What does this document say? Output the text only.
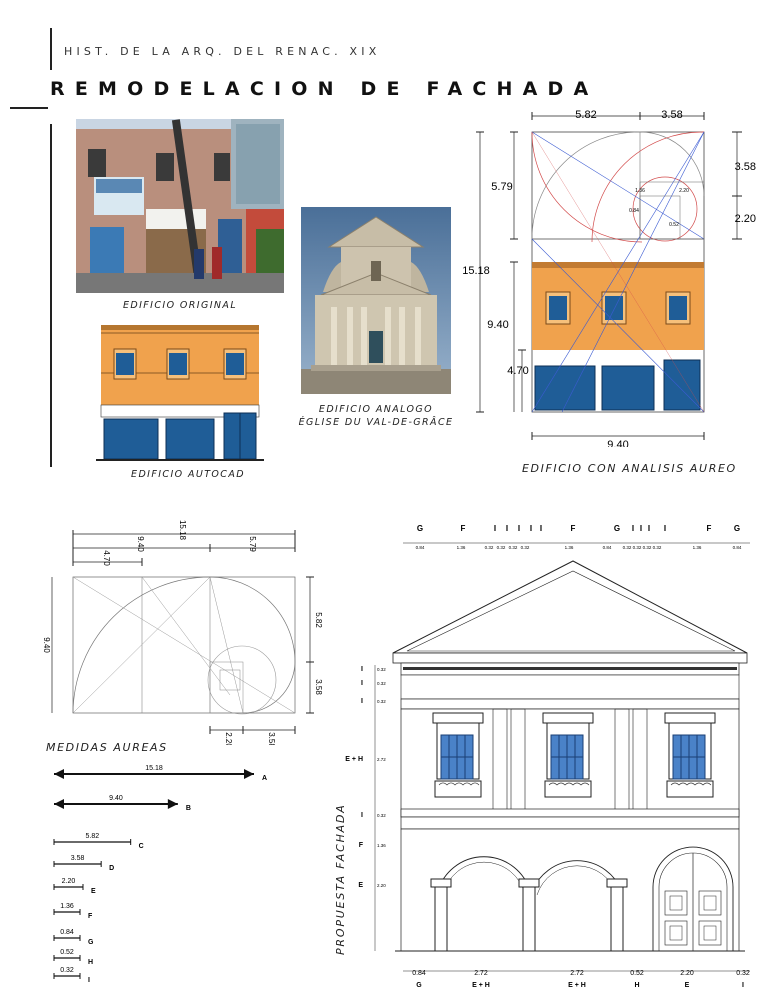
HIST. DE LA ARQ. DEL RENAC. XIX
REMODELACION DE FACHADA
EDIFICIO ORIGINAL
EDIFICIO AUTOCAD
EDIFICIO ANALOGO
ÉGLISE DU VAL-DE-GRÂCE
5.82	3.58
3.58
2.20
5.79
15.18
9.40
4.70
9.40
1.36	2.20
0.84
0.52
EDIFICIO CON ANALISIS AUREO
15.18
9.40	5.79
4.70
5.82
3.58
9.40
2.20	3.58
MEDIDAS AUREAS
15.18
A
9.40
B
5.82
C
3.58
D
2.20
E
1.36
F
0.84
G
0.52
H
0.32
I
PROPUESTA FACHADA
G	F	I I I I I	F	G I I I I	F	G
0.84	1.36	0.32 0.32 0.32 0.32	1.36	0.84 0.32 0.32 0.32 0.32	1.36	0.84
I	0.32
I	0.32
I	0.32
E + H	2.72
I	0.32
F	1.36
E	2.20
0.84	2.72	2.72	0.52	2.20	0.32
G	E + H	E + H	H	E	I
